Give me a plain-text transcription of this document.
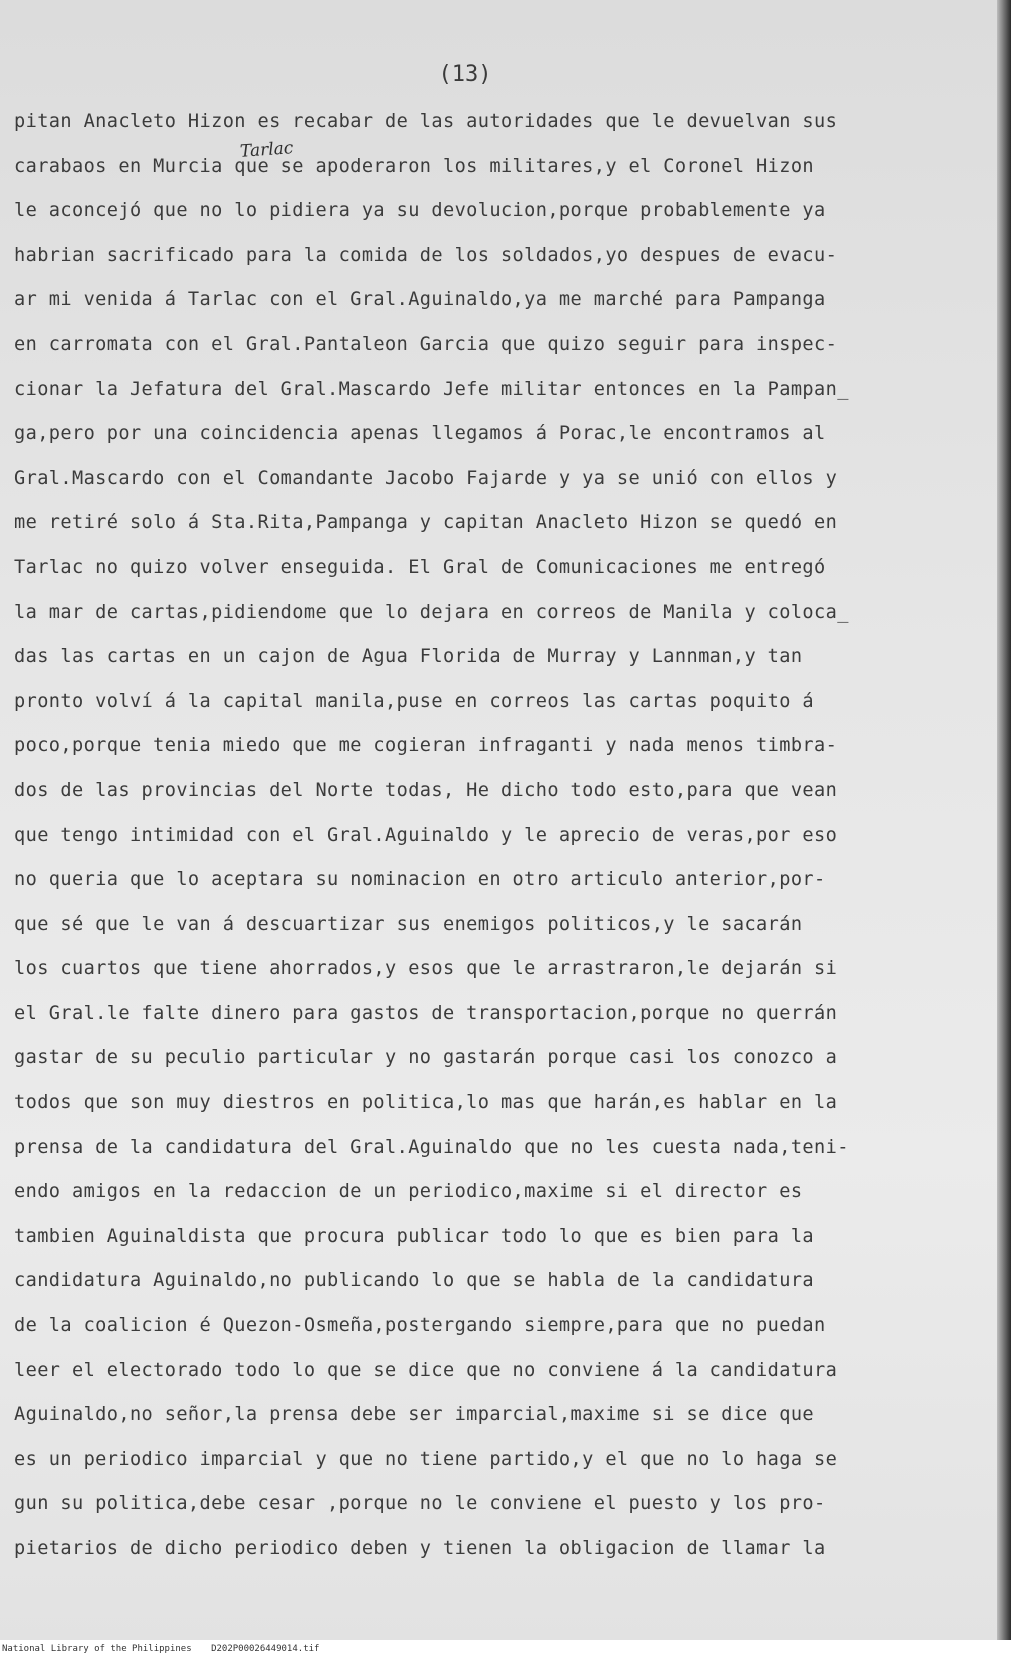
(13)
Tarlac
pitan Anacleto Hizon es recabar de las autoridades que le devuelvan sus
carabaos en Murcia que se apoderaron los militares,y el Coronel Hizon
le aconcejó que no lo pidiera ya su devolucion,porque probablemente ya
habrian sacrificado para la comida de los soldados,yo despues de evacu-
ar mi venida á Tarlac con el Gral.Aguinaldo,ya me marché para Pampanga
en carromata con el Gral.Pantaleon Garcia que quizo seguir para inspec-
cionar la Jefatura del Gral.Mascardo Jefe militar entonces en la Pampan_
ga,pero por una coincidencia apenas llegamos á Porac,le encontramos al
Gral.Mascardo con el Comandante Jacobo Fajarde y ya se unió con ellos y
me retiré solo á Sta.Rita,Pampanga y capitan Anacleto Hizon se quedó en
Tarlac no quizo volver enseguida. El Gral de Comunicaciones me entregó
la mar de cartas,pidiendome que lo dejara en correos de Manila y coloca_
das las cartas en un cajon de Agua Florida de Murray y Lannman,y tan
pronto volví á la capital manila,puse en correos las cartas poquito á
poco,porque tenia miedo que me cogieran infraganti y nada menos timbra-
dos de las provincias del Norte todas, He dicho todo esto,para que vean
que tengo intimidad con el Gral.Aguinaldo y le aprecio de veras,por eso
no queria que lo aceptara su nominacion en otro articulo anterior,por-
que sé que le van á descuartizar sus enemigos politicos,y le sacarán
los cuartos que tiene ahorrados,y esos que le arrastraron,le dejarán si
el Gral.le falte dinero para gastos de transportacion,porque no querrán
gastar de su peculio particular y no gastarán porque casi los conozco a
todos que son muy diestros en politica,lo mas que harán,es hablar en la
prensa de la candidatura del Gral.Aguinaldo que no les cuesta nada,teni-
endo amigos en la redaccion de un periodico,maxime si el director es
tambien Aguinaldista que procura publicar todo lo que es bien para la
candidatura Aguinaldo,no publicando lo que se habla de la candidatura
de la coalicion é Quezon-Osmeña,postergando siempre,para que no puedan
leer el electorado todo lo que se dice que no conviene á la candidatura
Aguinaldo,no señor,la prensa debe ser imparcial,maxime si se dice que
es un periodico imparcial y que no tiene partido,y el que no lo haga se
gun su politica,debe cesar ,porque no le conviene el puesto y los pro-
pietarios de dicho periodico deben y tienen la obligacion de llamar la
National Library of the Philippines D202P00026449014.tif
